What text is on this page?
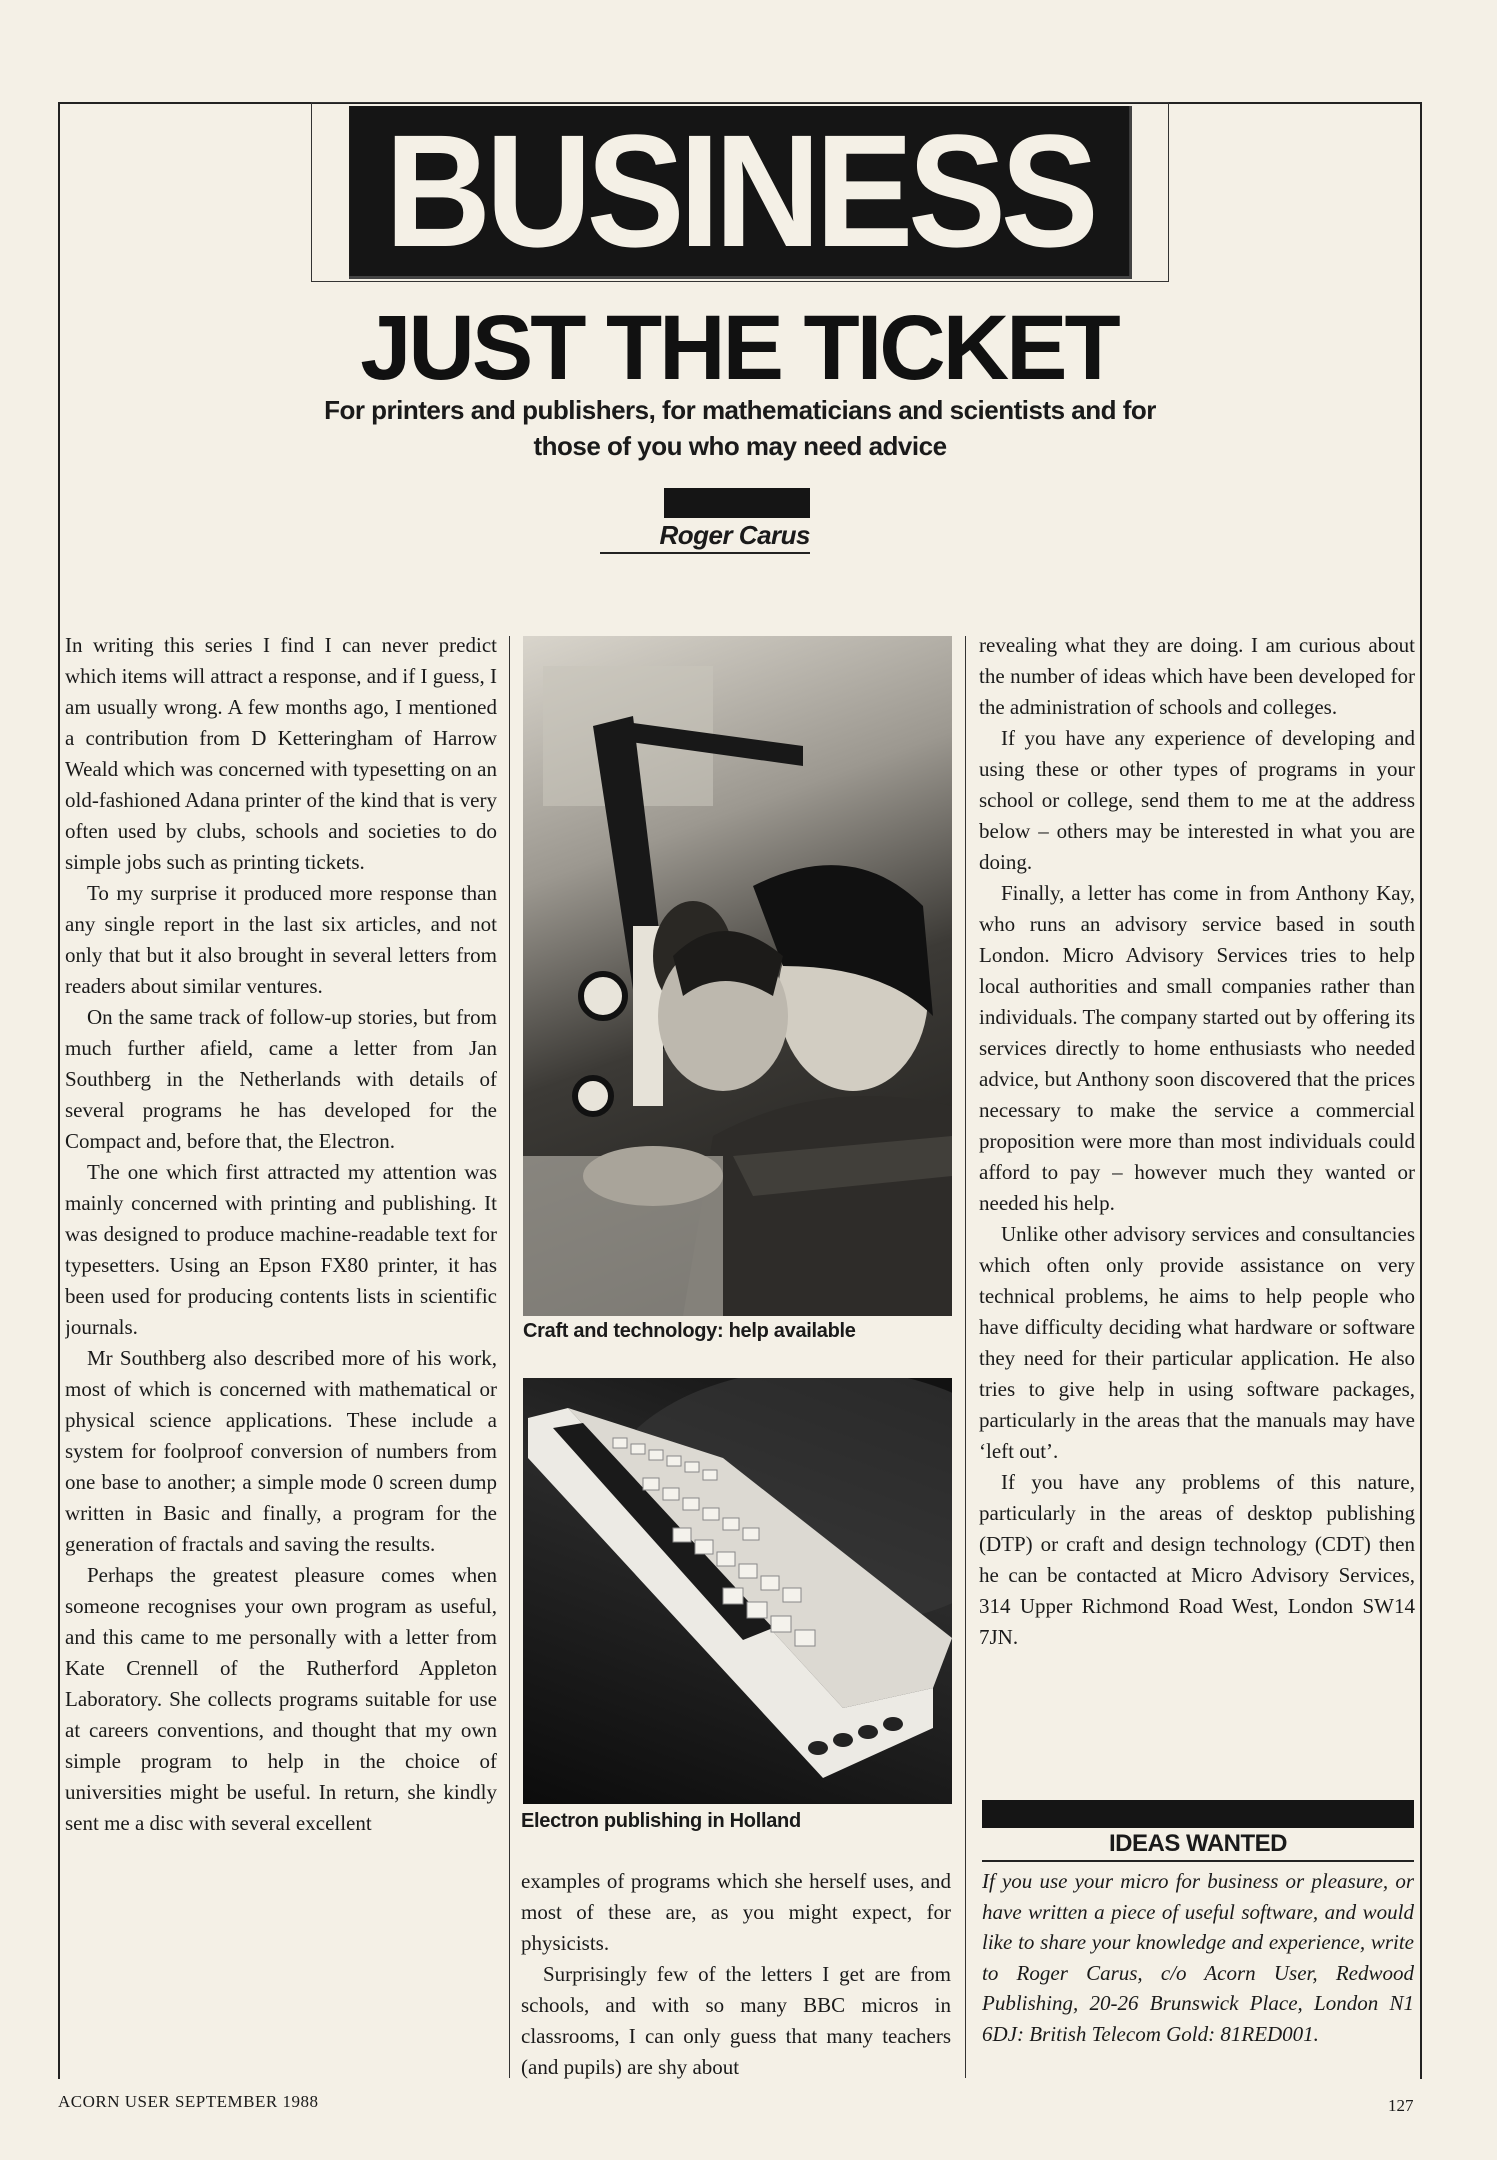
BUSINESS
JUST THE TICKET
For printers and publishers, for mathematicians and scientists and for those of you who may need advice
Roger Carus

In writing this series I find I can never predict which items will attract a response, and if I guess, I am usually wrong. A few months ago, I mentioned a contribution from D Ketteringham of Harrow Weald which was concerned with typesetting on an old-fashioned Adana printer of the kind that is very often used by clubs, schools and societies to do simple jobs such as printing tickets.

To my surprise it produced more response than any single report in the last six articles, and not only that but it also brought in several letters from readers about similar ventures.

On the same track of follow-up stories, but from much further afield, came a letter from Jan Southberg in the Netherlands with details of several programs he has developed for the Compact and, before that, the Electron.

The one which first attracted my attention was mainly concerned with printing and publishing. It was designed to produce machine-readable text for typesetters. Using an Epson FX80 printer, it has been used for producing contents lists in scientific journals.

Mr Southberg also described more of his work, most of which is concerned with mathematical or physical science applications. These include a system for foolproof conversion of numbers from one base to another; a simple mode 0 screen dump written in Basic and finally, a program for the generation of fractals and saving the results.

Perhaps the greatest pleasure comes when someone recognises your own program as useful, and this came to me personally with a letter from Kate Crennell of the Rutherford Appleton Laboratory. She collects programs suitable for use at careers conventions, and thought that my own simple program to help in the choice of universities might be useful. In return, she kindly sent me a disc with several excellent

Craft and technology: help available
Electron publishing in Holland

examples of programs which she herself uses, and most of these are, as you might expect, for physicists.

Surprisingly few of the letters I get are from schools, and with so many BBC micros in classrooms, I can only guess that many teachers (and pupils) are shy about

revealing what they are doing. I am curious about the number of ideas which have been developed for the administration of schools and colleges.

If you have any experience of developing and using these or other types of programs in your school or college, send them to me at the address below – others may be interested in what you are doing.

Finally, a letter has come in from Anthony Kay, who runs an advisory service based in south London. Micro Advisory Services tries to help local authorities and small companies rather than individuals. The company started out by offering its services directly to home enthusiasts who needed advice, but Anthony soon discovered that the prices necessary to make the service a commercial proposition were more than most individuals could afford to pay – however much they wanted or needed his help.

Unlike other advisory services and consultancies which often only provide assistance on very technical problems, he aims to help people who have difficulty deciding what hardware or software they need for their particular application. He also tries to give help in using software packages, particularly in the areas that the manuals may have ‘left out’.

If you have any problems of this nature, particularly in the areas of desktop publishing (DTP) or craft and design technology (CDT) then he can be contacted at Micro Advisory Services, 314 Upper Richmond Road West, London SW14 7JN.

IDEAS WANTED
If you use your micro for business or pleasure, or have written a piece of useful software, and would like to share your knowledge and experience, write to Roger Carus, c/o Acorn User, Redwood Publishing, 20-26 Brunswick Place, London N1 6DJ: British Telecom Gold: 81RED001.
ACORN USER SEPTEMBER 1988	127
